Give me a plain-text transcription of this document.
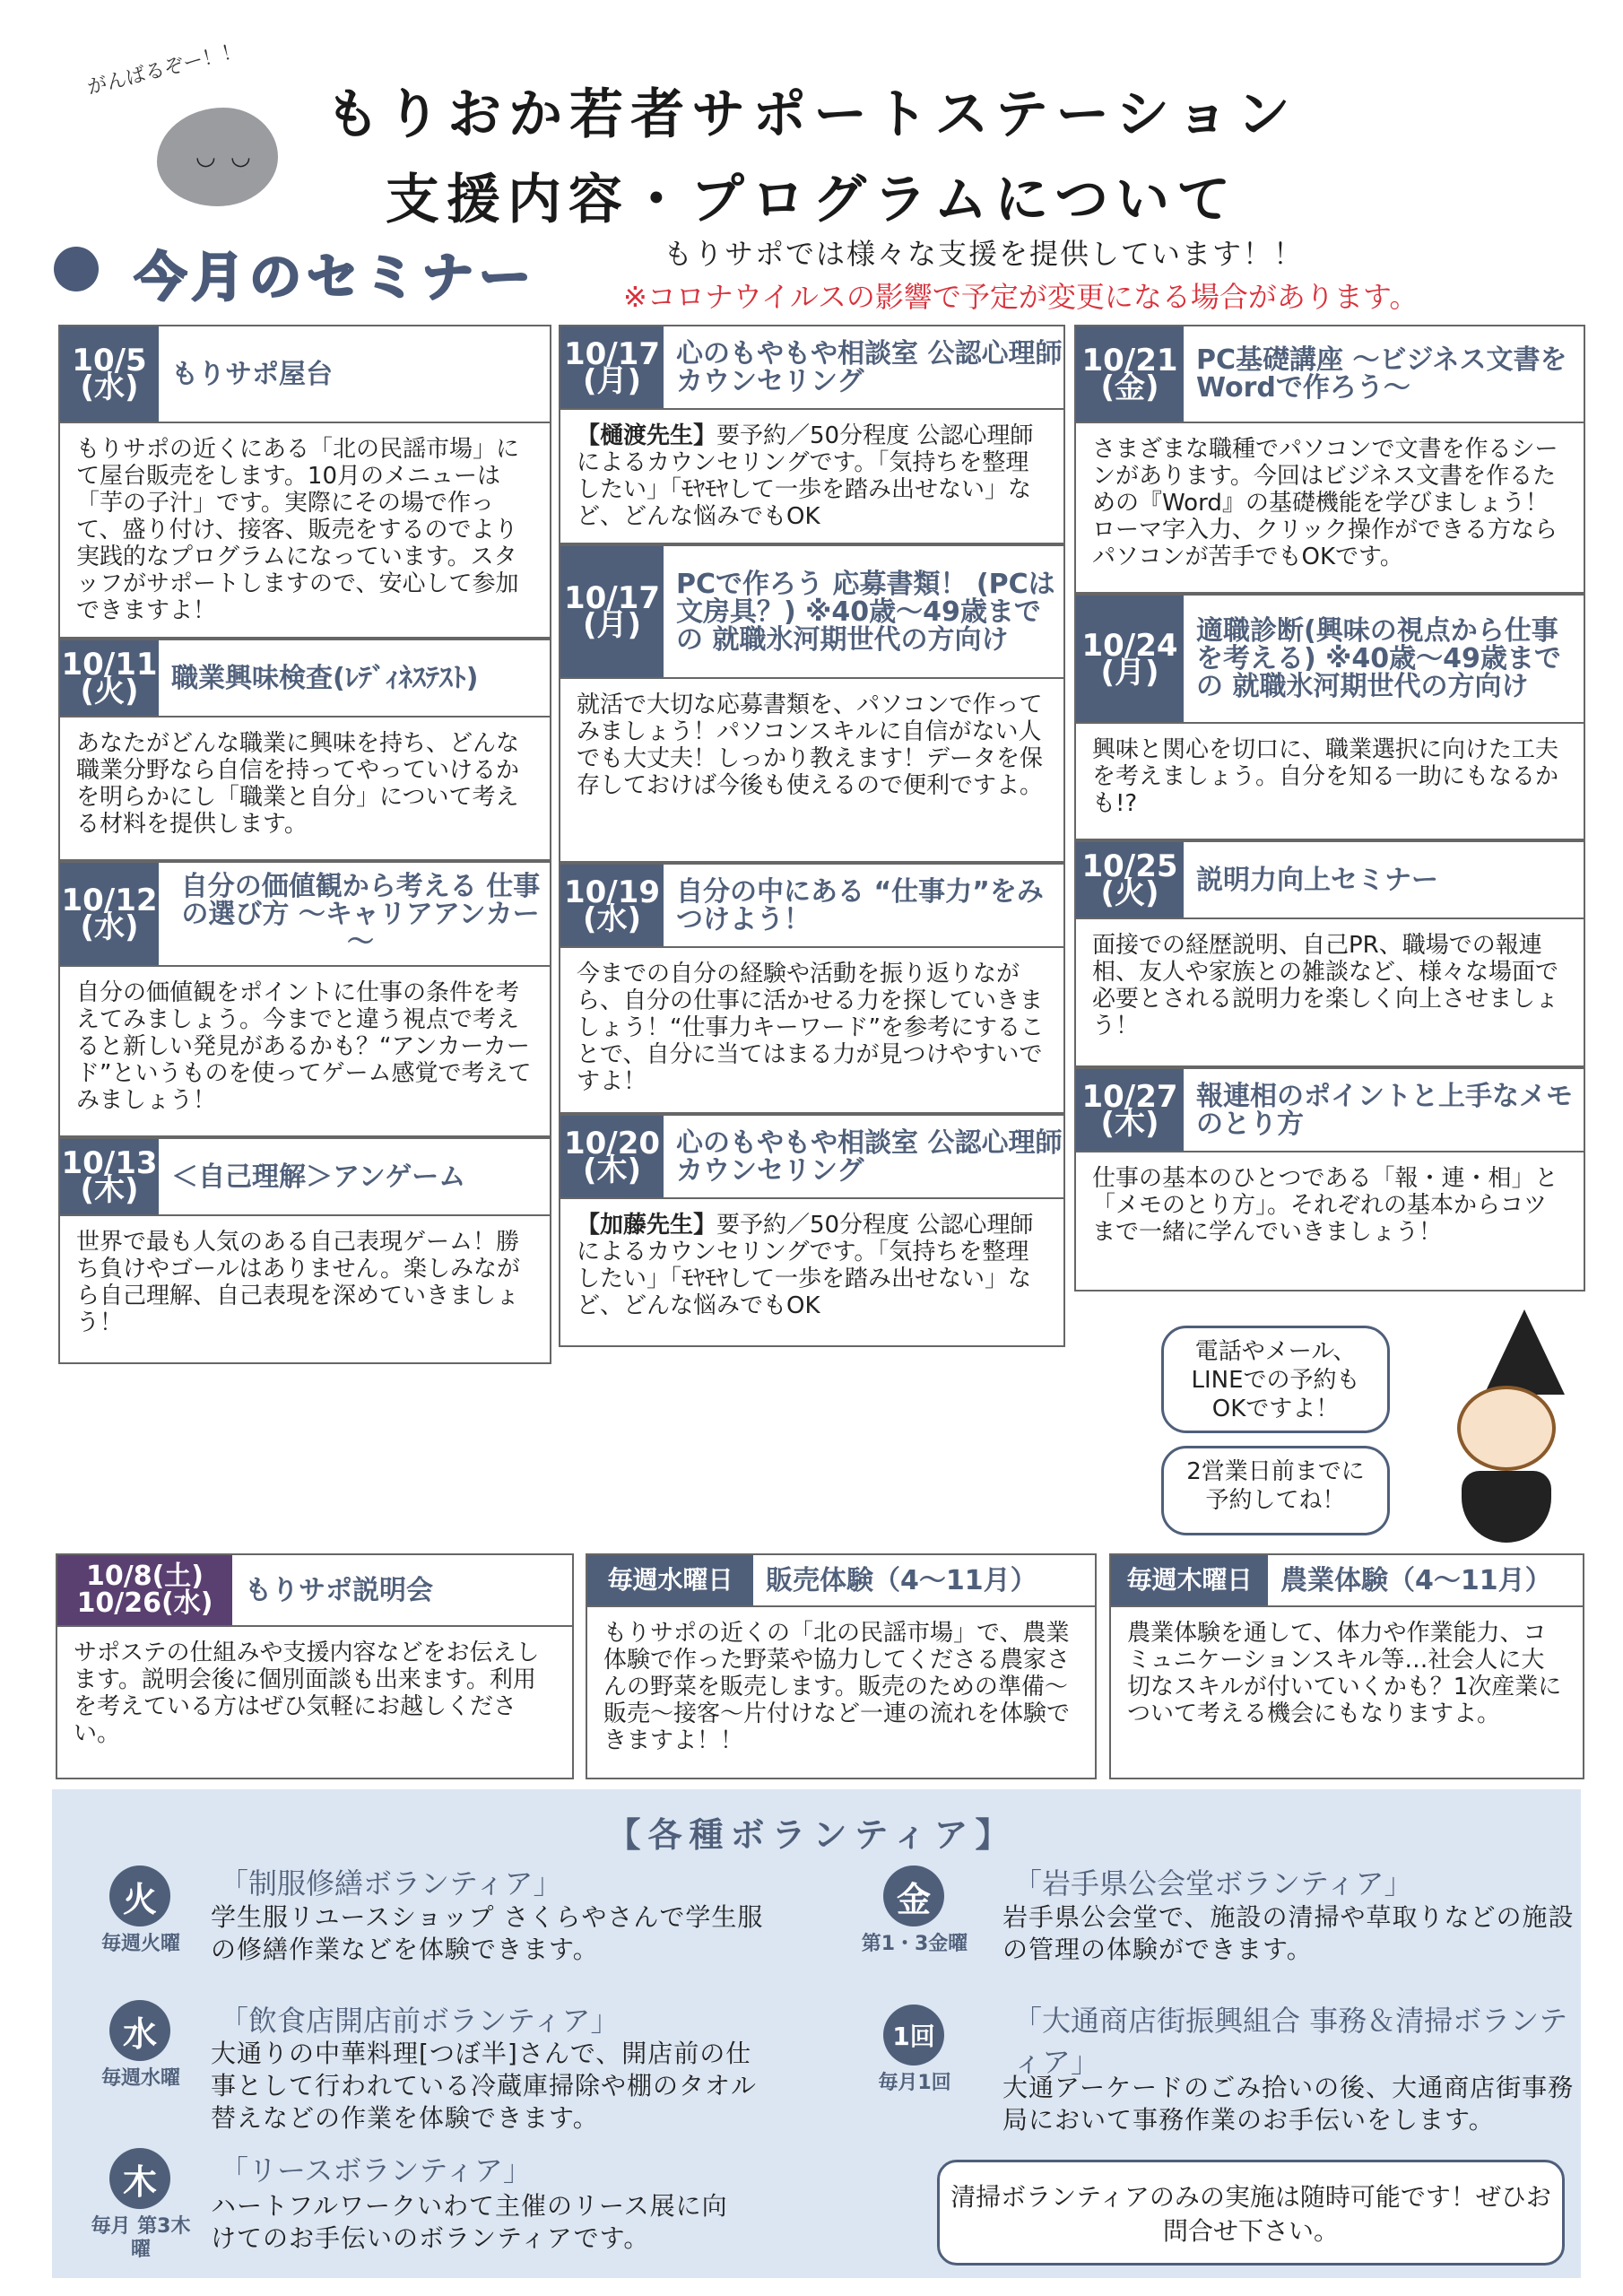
◡ ◡
がんばるぞー！！
もりおか若者サポートステーション
支援内容・プログラムについて
今月のセミナー	もりサポでは様々な支援を提供しています！！
※コロナウイルスの影響で予定が変更になる場合があります。
10/5
(水)	もりサポ屋台
もりサポの近くにある「北の民謡市場」にて屋台販売をします。10月のメニューは「芋の子汁」です。実際にその場で作って、盛り付け、接客、販売をするのでより実践的なプログラムになっています。スタッフがサポートしますので、安心して参加できますよ！
10/11
(火)	職業興味検査(ﾚﾃﾞｨﾈｽﾃｽﾄ)
あなたがどんな職業に興味を持ち、どんな職業分野なら自信を持ってやっていけるかを明らかにし「職業と自分」について考える材料を提供します。
10/12
(水)
自分の価値観から考える 仕事の選び方 ～キャリアアンカー～
自分の価値観をポイントに仕事の条件を考えてみましょう。今までと違う視点で考えると新しい発見があるかも？“アンカーカード”というものを使ってゲーム感覚で考えてみましょう！
10/13
(木)	＜自己理解＞アンゲーム
世界で最も人気のある自己表現ゲーム！勝ち負けやゴールはありません。楽しみながら自己理解、自己表現を深めていきましょう！
10/17
(月)
心のもやもや相談室 公認心理師カウンセリング
【樋渡先生】要予約／50分程度 公認心理師によるカウンセリングです。「気持ちを整理したい」「ﾓﾔﾓﾔして一歩を踏み出せない」など、どんな悩みでもOK
10/17
(月)
PCで作ろう 応募書類！ (PCは文房具？) ※40歳～49歳までの 就職氷河期世代の方向け
就活で大切な応募書類を、パソコンで作ってみましょう！パソコンスキルに自信がない人でも大丈夫！しっかり教えます！データを保存しておけば今後も使えるので便利ですよ。
10/19
(水)
自分の中にある “仕事力”をみつけよう！
今までの自分の経験や活動を振り返りながら、自分の仕事に活かせる力を探していきましょう！“仕事力キーワード”を参考にすることで、自分に当てはまる力が見つけやすいですよ！
10/20
(木)
心のもやもや相談室 公認心理師カウンセリング
【加藤先生】要予約／50分程度 公認心理師によるカウンセリングです。「気持ちを整理したい」「ﾓﾔﾓﾔして一歩を踏み出せない」など、どんな悩みでもOK
10/21
(金)
PC基礎講座 ～ビジネス文書を Wordで作ろう～
さまざまな職種でパソコンで文書を作るシーンがあります。今回はビジネス文書を作るための『Word』の基礎機能を学びましょう！ローマ字入力、クリック操作ができる方ならパソコンが苦手でもOKです。
10/24
(月)
適職診断(興味の視点から仕事を考える) ※40歳～49歳までの 就職氷河期世代の方向け
興味と関心を切口に、職業選択に向けた工夫を考えましょう。自分を知る一助にもなるかも!?
10/25
(火)	説明力向上セミナー
面接での経歴説明、自己PR、職場での報連相、友人や家族との雑談など、様々な場面で必要とされる説明力を楽しく向上させましょう！
10/27
(木)
報連相のポイントと上手なメモのとり方
仕事の基本のひとつである「報・連・相」と「メモのとり方」。それぞれの基本からコツまで一緒に学んでいきましょう！
電話やメール、LINEでの予約もOKですよ！
2営業日前までに予約してね！
10/8(土)
10/26(水)	もりサポ説明会
サポステの仕組みや支援内容などをお伝えします。説明会後に個別面談も出来ます。利用を考えている方はぜひ気軽にお越しください。
毎週水曜日	販売体験（4～11月）
もりサポの近くの「北の民謡市場」で、農業体験で作った野菜や協力してくださる農家さんの野菜を販売します。販売のための準備～販売～接客～片付けなど一連の流れを体験できますよ！！
毎週木曜日	農業体験（4～11月）
農業体験を通して、体力や作業能力、コミュニケーションスキル等…社会人に大切なスキルが付いていくかも？1次産業について考える機会にもなりますよ。
【各種ボランティア】
火
毎週火曜
「制服修繕ボランティア」
学生服リユースショップ さくらやさんで学生服の修繕作業などを体験できます。
水
毎週水曜
「飲食店開店前ボランティア」
大通りの中華料理[つぼ半]さんで、開店前の仕事として行われている冷蔵庫掃除や棚のタオル替えなどの作業を体験できます。
木
毎月 第3木曜
「リースボランティア」
ハートフルワークいわて主催のリース展に向けてのお手伝いのボランティアです。
金
第1・3金曜
「岩手県公会堂ボランティア」
岩手県公会堂で、施設の清掃や草取りなどの施設の管理の体験ができます。
1回
毎月1回
「大通商店街振興組合 事務＆清掃ボランティア」
大通アーケードのごみ拾いの後、大通商店街事務局において事務作業のお手伝いをします。
清掃ボランティアのみの実施は随時可能です！ぜひお問合せ下さい。
